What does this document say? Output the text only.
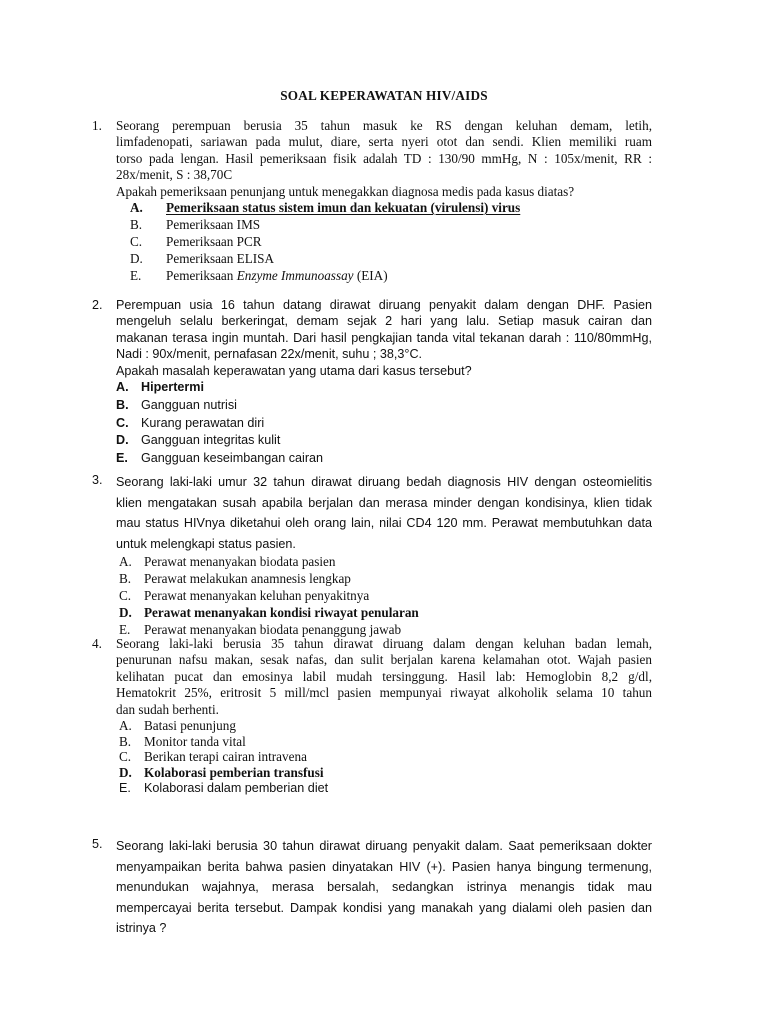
SOAL KEPERAWATAN HIV/AIDS
1. Seorang perempuan berusia 35 tahun masuk ke RS dengan keluhan demam, letih,
limfadenopati, sariawan pada mulut, diare, serta nyeri otot dan sendi. Klien memiliki ruam
torso pada lengan. Hasil pemeriksaan fisik adalah TD : 130/90 mmHg, N : 105x/menit, RR :
28x/menit, S : 38,70C
Apakah pemeriksaan penunjang untuk menegakkan diagnosa medis pada kasus diatas?
A. Pemeriksaan status sistem imun dan kekuatan (virulensi) virus
B. Pemeriksaan IMS
C. Pemeriksaan PCR
D. Pemeriksaan ELISA
E. Pemeriksaan Enzyme Immunoassay (EIA)
2. Perempuan usia 16 tahun datang dirawat diruang penyakit dalam dengan DHF. Pasien
mengeluh selalu berkeringat, demam sejak 2 hari yang lalu. Setiap masuk cairan dan
makanan terasa ingin muntah. Dari hasil pengkajian tanda vital tekanan darah : 110/80mmHg,
Nadi : 90x/menit, pernafasan 22x/menit, suhu ; 38,3°C.
Apakah masalah keperawatan yang utama dari kasus tersebut?
A. Hipertermi
B. Gangguan nutrisi
C. Kurang perawatan diri
D. Gangguan integritas kulit
E. Gangguan keseimbangan cairan
3. Seorang laki-laki umur 32 tahun dirawat diruang bedah diagnosis HIV dengan osteomielitis
klien mengatakan susah apabila berjalan dan merasa minder dengan kondisinya, klien tidak
mau status HIVnya diketahui oleh orang lain, nilai CD4 120 mm. Perawat membutuhkan data
untuk melengkapi status pasien.
A. Perawat menanyakan biodata pasien
B. Perawat melakukan anamnesis lengkap
C. Perawat menanyakan keluhan penyakitnya
D. Perawat menanyakan kondisi riwayat penularan
E. Perawat menanyakan biodata penanggung jawab
4. Seorang laki-laki berusia 35 tahun dirawat diruang dalam dengan keluhan badan lemah,
penurunan nafsu makan, sesak nafas, dan sulit berjalan karena kelamahan otot. Wajah pasien
kelihatan pucat dan emosinya labil mudah tersinggung. Hasil lab: Hemoglobin 8,2 g/dl,
Hematokrit 25%, eritrosit 5 mill/mcl pasien mempunyai riwayat alkoholik selama 10 tahun
dan sudah berhenti.
A. Batasi penunjung
B. Monitor tanda vital
C. Berikan terapi cairan intravena
D. Kolaborasi pemberian transfusi
E. Kolaborasi dalam pemberian diet
5. Seorang laki-laki berusia 30 tahun dirawat diruang penyakit dalam. Saat pemeriksaan dokter
menyampaikan berita bahwa pasien dinyatakan HIV (+). Pasien hanya bingung termenung,
menundukan wajahnya, merasa bersalah, sedangkan istrinya menangis tidak mau
mempercayai berita tersebut. Dampak kondisi yang manakah yang dialami oleh pasien dan
istrinya ?
